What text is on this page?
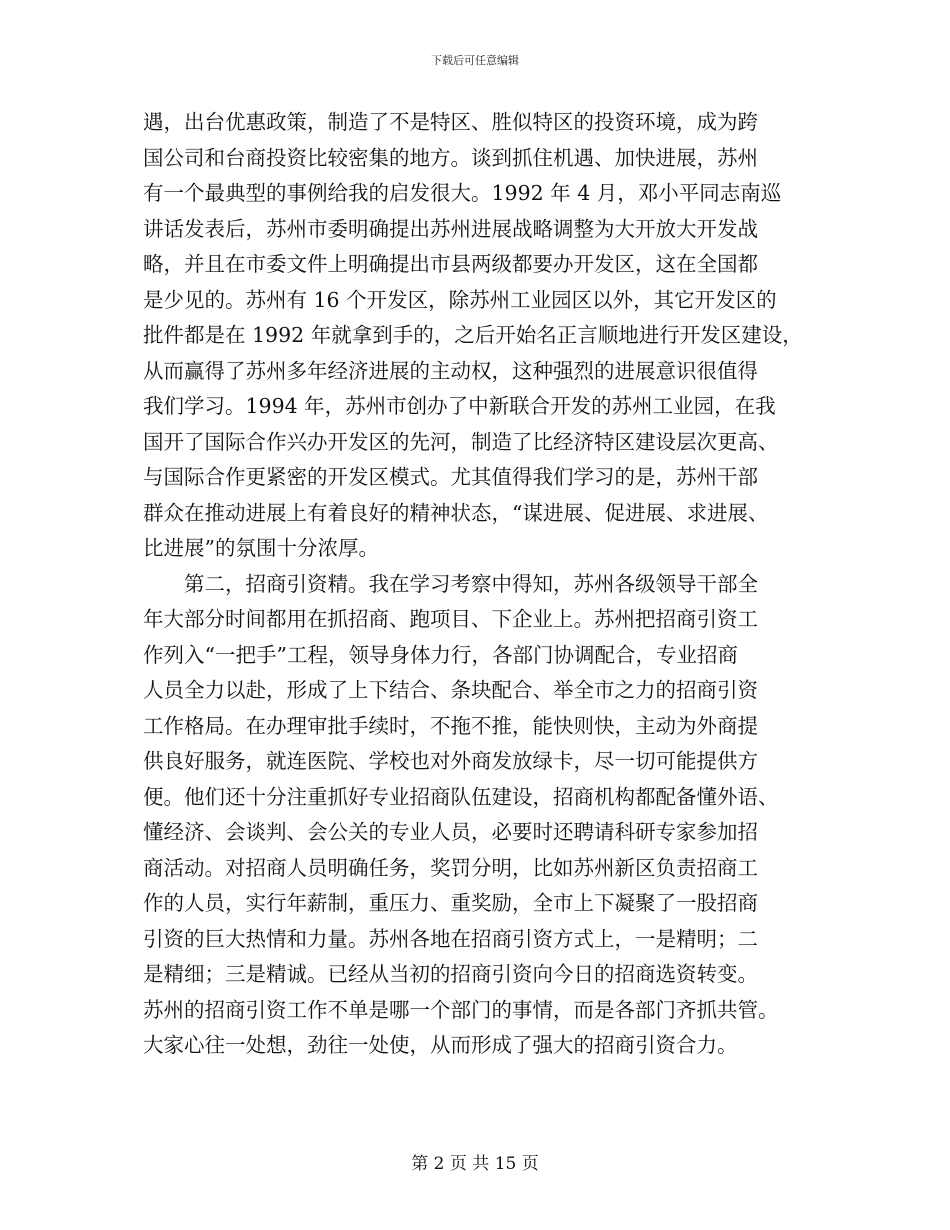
下载后可任意编辑
遇，出台优惠政策，制造了不是特区、胜似特区的投资环境，成为跨
国公司和台商投资比较密集的地方。谈到抓住机遇、加快进展，苏州
有一个最典型的事例给我的启发很大。1992 年 4 月，邓小平同志南巡
讲话发表后，苏州市委明确提出苏州进展战略调整为大开放大开发战
略，并且在市委文件上明确提出市县两级都要办开发区，这在全国都
是少见的。苏州有 16 个开发区，除苏州工业园区以外，其它开发区的
批件都是在 1992 年就拿到手的，之后开始名正言顺地进行开发区建设，
从而赢得了苏州多年经济进展的主动权，这种强烈的进展意识很值得
我们学习。1994 年，苏州市创办了中新联合开发的苏州工业园，在我
国开了国际合作兴办开发区的先河，制造了比经济特区建设层次更高、
与国际合作更紧密的开发区模式。尤其值得我们学习的是，苏州干部
群众在推动进展上有着良好的精神状态，“谋进展、促进展、求进展、
比进展”的氛围十分浓厚。
第二，招商引资精。我在学习考察中得知，苏州各级领导干部全
年大部分时间都用在抓招商、跑项目、下企业上。苏州把招商引资工
作列入“一把手”工程，领导身体力行，各部门协调配合，专业招商
人员全力以赴，形成了上下结合、条块配合、举全市之力的招商引资
工作格局。在办理审批手续时，不拖不推，能快则快，主动为外商提
供良好服务，就连医院、学校也对外商发放绿卡，尽一切可能提供方
便。他们还十分注重抓好专业招商队伍建设，招商机构都配备懂外语、
懂经济、会谈判、会公关的专业人员，必要时还聘请科研专家参加招
商活动。对招商人员明确任务，奖罚分明，比如苏州新区负责招商工
作的人员，实行年薪制，重压力、重奖励，全市上下凝聚了一股招商
引资的巨大热情和力量。苏州各地在招商引资方式上，一是精明；二
是精细；三是精诚。已经从当初的招商引资向今日的招商选资转变。
苏州的招商引资工作不单是哪一个部门的事情，而是各部门齐抓共管。
大家心往一处想，劲往一处使，从而形成了强大的招商引资合力。
第 2 页 共 15 页
